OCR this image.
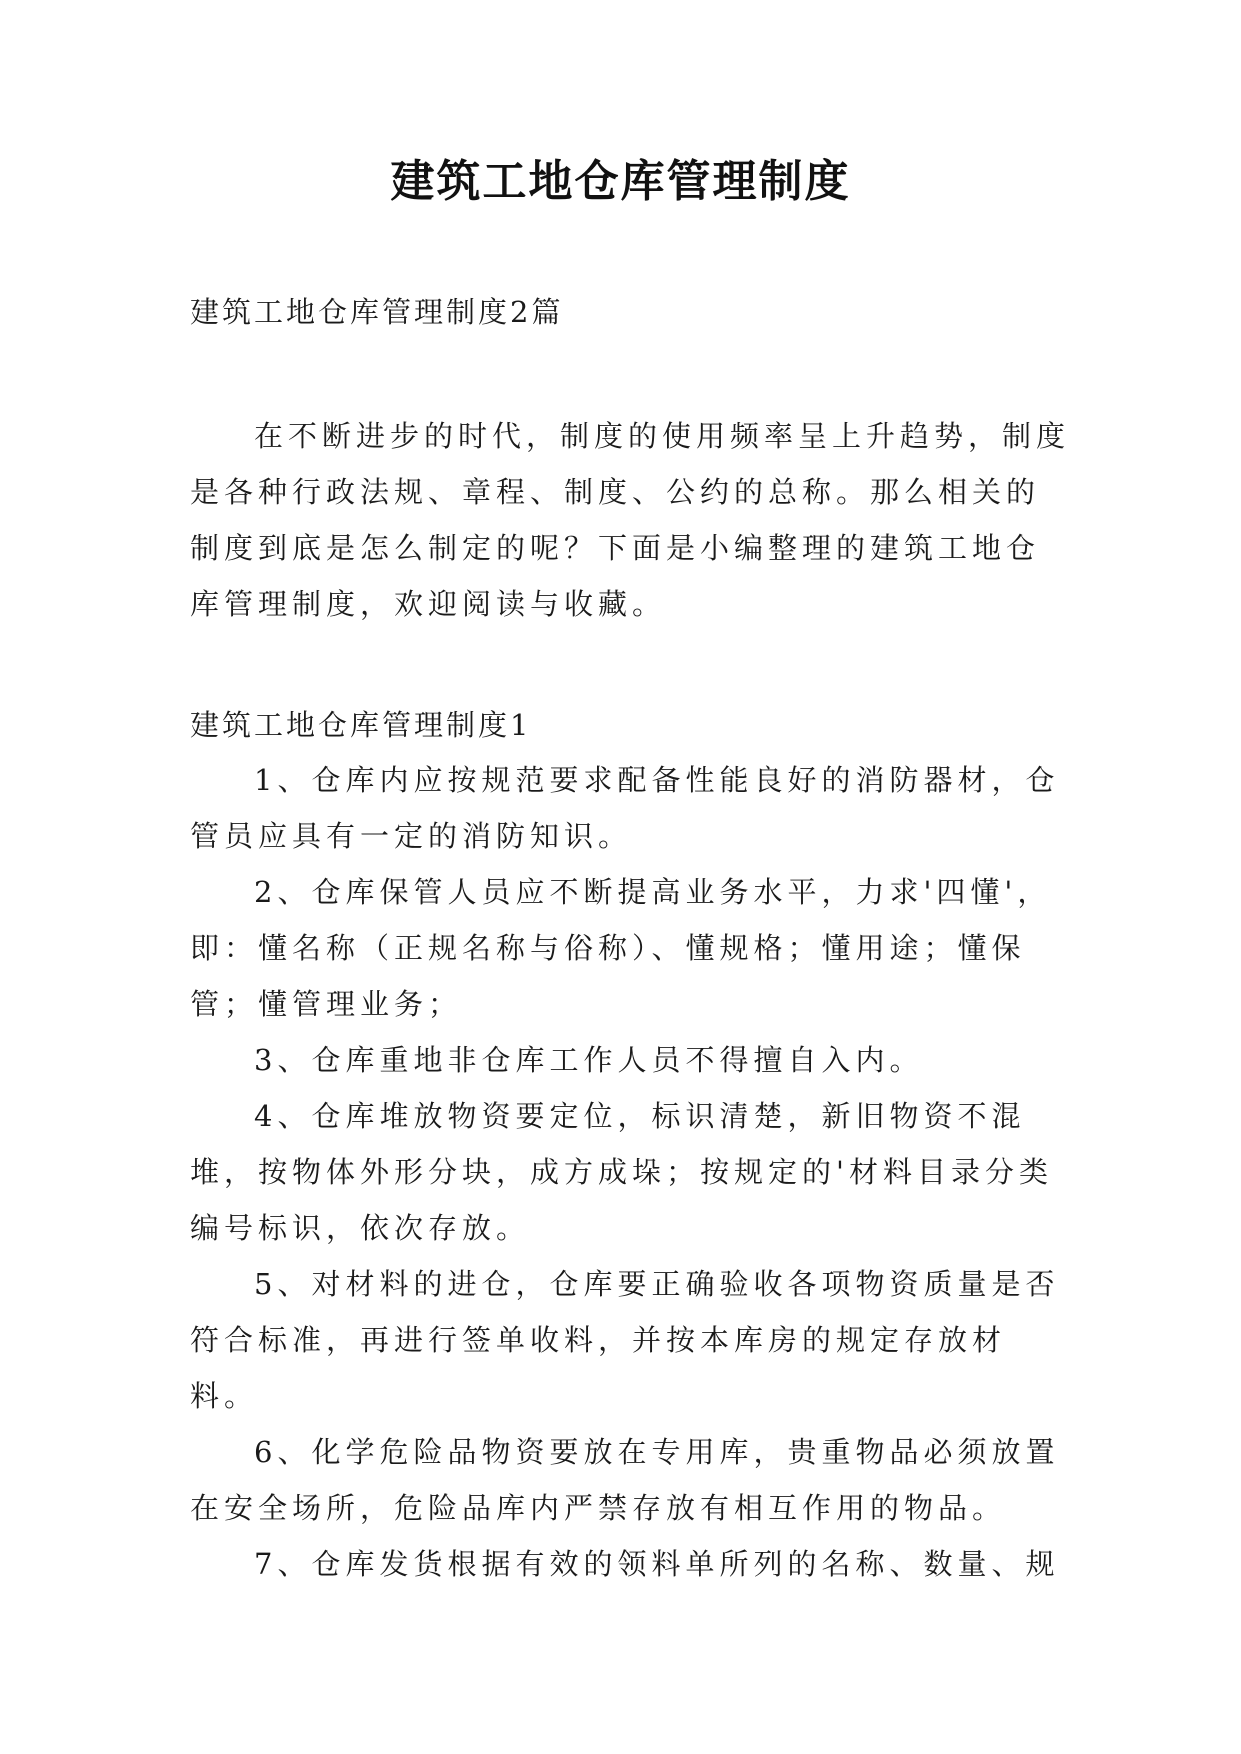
建筑工地仓库管理制度

建筑工地仓库管理制度2篇

在不断进步的时代，制度的使用频率呈上升趋势，制度是各种行政法规、章程、制度、公约的总称。那么相关的制度到底是怎么制定的呢？下面是小编整理的建筑工地仓库管理制度，欢迎阅读与收藏。

建筑工地仓库管理制度1

1、仓库内应按规范要求配备性能良好的消防器材，仓管员应具有一定的消防知识。
2、仓库保管人员应不断提高业务水平，力求'四懂'，即：懂名称（正规名称与俗称）、懂规格；懂用途；懂保管；懂管理业务；
3、仓库重地非仓库工作人员不得擅自入内。
4、仓库堆放物资要定位，标识清楚，新旧物资不混堆，按物体外形分块，成方成垛；按规定的'材料目录分类编号标识，依次存放。
5、对材料的进仓，仓库要正确验收各项物资质量是否符合标准，再进行签单收料，并按本库房的规定存放材料。
6、化学危险品物资要放在专用库，贵重物品必须放置在安全场所，危险品库内严禁存放有相互作用的物品。
7、仓库发货根据有效的领料单所列的名称、数量、规
